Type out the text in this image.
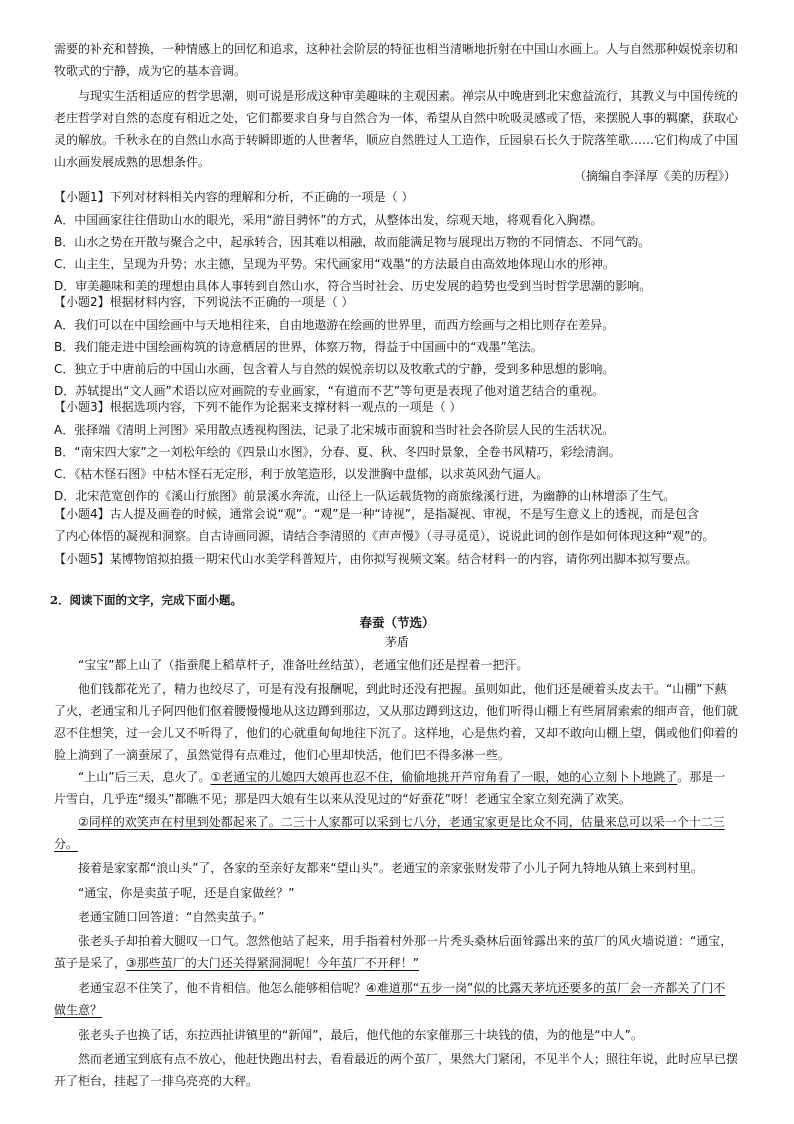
需要的补充和替换，一种情感上的回忆和追求，这种社会阶层的特征也相当清晰地折射在中国山水画上。人与自然那种娱悦亲切和
牧歌式的宁静，成为它的基本音调。
与现实生活相适应的哲学思潮，则可说是形成这种审美趣味的主观因素。禅宗从中晚唐到北宋愈益流行，其教义与中国传统的
老庄哲学对自然的态度有相近之处，它们都要求自身与自然合为一体，希望从自然中吮吸灵感或了悟，来摆脱人事的羁縻，获取心
灵的解放。千秋永在的自然山水高于转瞬即逝的人世奢华，顺应自然胜过人工造作，丘园泉石长久于院落笙歌……它们构成了中国
山水画发展成熟的思想条件。
（摘编自李泽厚《美的历程》）
【小题1】下列对材料相关内容的理解和分析，不正确的一项是（ ）
A．中国画家往往借助山水的眼光，采用“游目骋怀”的方式，从整体出发，综观天地，将观看化入胸襟。
B．山水之势在开散与聚合之中，起承转合，因其难以相融，故而能满足物与展现出万物的不同情态、不同气韵。
C．山主生，呈现为升势；水主德，呈现为平势。宋代画家用“戏墨”的方法最自由高效地体现山水的形神。
D．审美趣味和美的理想由具体人事转到自然山水，符合当时社会、历史发展的趋势也受到当时哲学思潮的影响。
【小题2】根据材料内容，下列说法不正确的一项是（ ）
A．我们可以在中国绘画中与天地相往来，自由地遨游在绘画的世界里，而西方绘画与之相比则存在差异。
B．我们能走进中国绘画构筑的诗意栖居的世界，体察万物，得益于中国画中的“戏墨”笔法。
C．独立于中唐前后的中国山水画，包含着人与自然的娱悦亲切以及牧歌式的宁静，受到多种思想的影响。
D．苏轼提出“文人画”术语以应对画院的专业画家，“有道而不艺”等句更是表现了他对道艺结合的重视。
【小题3】根据选项内容，下列不能作为论据来支撑材料一观点的一项是（ ）
A．张择端《清明上河图》采用散点透视构图法，记录了北宋城市面貌和当时社会各阶层人民的生活状况。
B．“南宋四大家”之一刘松年绘的《四景山水图》，分春、夏、秋、冬四时景象，全卷书风精巧，彩绘清润。
C．《枯木怪石图》中枯木怪石无定形，利于放笔造形，以发泄胸中盘郁，以求英风劲气逼人。
D．北宋范宽创作的《溪山行旅图》前景溪水奔流，山径上一队运载货物的商旅缘溪行进，为幽静的山林增添了生气。
【小题4】古人提及画卷的时候，通常会说“观”。“观”是一种“诗视”，是指凝视、审视，不是写生意义上的透视，而是包含
了内心体悟的凝视和洞察。自古诗画同源，请结合李清照的《声声慢》（寻寻觅觅），说说此词的创作是如何体现这种“观”的。
【小题5】某博物馆拟拍摄一期宋代山水美学科普短片，由你拟写视频文案。结合材料一的内容，请你列出脚本拟写要点。
2．阅读下面的文字，完成下面小题。
春蚕（节选）
茅盾
“宝宝”都上山了（指蚕爬上稻草杆子，准备吐丝结茧），老通宝他们还是捏着一把汗。
他们钱都花光了，精力也绞尽了，可是有没有报酬呢，到此时还没有把握。虽则如此，他们还是硬着头皮去干。“山棚”下爇
了火，老通宝和儿子阿四他们伛着腰慢慢地从这边蹲到那边，又从那边蹲到这边，他们听得山棚上有些屑屑索索的细声音，他们就
忍不住想笑，过一会儿又不听得了，他们的心就重甸甸地往下沉了。这样地，心是焦灼着，又却不敢向山棚上望，偶或他们仰着的
脸上淌到了一滴蚕尿了，虽然觉得有点难过，他们心里却快活，他们巴不得多淋一些。
“上山”后三天，息火了。①老通宝的儿媳四大娘再也忍不住，偷偷地挑开芦帘角看了一眼，她的心立刻卜卜地跳了。那是一
片雪白，几乎连“缀头”都瞧不见；那是四大娘有生以来从没见过的“好蚕花”呀！老通宝全家立刻充满了欢笑。
②同样的欢笑声在村里到处都起来了。二三十人家都可以采到七八分，老通宝家更是比众不同，估量来总可以采一个十二三
分。
接着是家家都“浪山头”了，各家的至亲好友都来“望山头”。老通宝的亲家张财发带了小儿子阿九特地从镇上来到村里。
“通宝，你是卖茧子呢，还是自家做丝？”
老通宝随口回答道：“自然卖茧子。”
张老头子却拍着大腿叹一口气。忽然他站了起来，用手指着村外那一片秃头桑林后面耸露出来的茧厂的风火墙说道：“通宝，
茧子是采了，③那些茧厂的大门还关得紧洞洞呢！今年茧厂不开秤！”
老通宝忍不住笑了，他不肯相信。他怎么能够相信呢？④难道那“五步一岗”似的比露天茅坑还要多的茧厂会一齐都关了门不
做生意？
张老头子也换了话，东拉西扯讲镇里的“新闻”，最后，他代他的东家催那三十块钱的债，为的他是“中人”。
然而老通宝到底有点不放心，他赶快跑出村去，看看最近的两个茧厂，果然大门紧闭，不见半个人；照往年说，此时应早已摆
开了柜台，挂起了一排乌亮亮的大秤。
